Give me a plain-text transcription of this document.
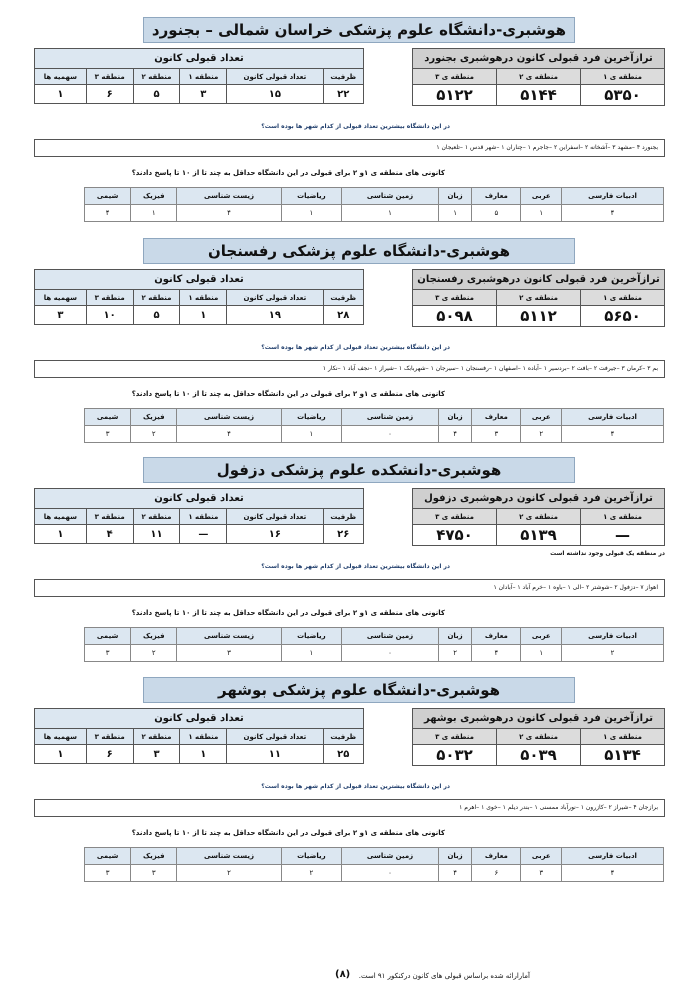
هوشبری-دانشگاه علوم پزشکی خراسان شمالی – بجنورد
تعداد قبولی کانون					
ظرفیت	تعداد قبولی کانون	منطقه ۱	منطقه ۲	منطقه ۳	سهمیه ها
۲۲	۱۵	۳	۵	۶	۱
ترازآخرین فرد قبولی کانون درهوشبری بجنورد		
منطقه ی ۱	منطقه ی ۲	منطقه ی ۳
۵۳۵۰	۵۱۴۴	۵۱۲۲
در این دانشگاه بیشترین تعداد قبولی از کدام شهر ها بوده است؟
بجنورد ۴ –مشهد ۳ –آشخانه ۲ –اسفراین ۲ –جاجرم ۱ –چناران ۱ –شهر قدس ۱ –تلعیجان ۱
کانونی های منطقه ی ۱و ۲ برای قبولی در این دانشگاه حداقل به چند تا از ۱۰ تا پاسخ دادند؟
ادبیات فارسی	عربی	معارف	زبان	زمین شناسی	ریاضیات	زیست شناسی	فیزیک	شیمی
۴	۱	۵	۱	۱	۱	۴	۱	۴
هوشبری-دانشگاه علوم پزشکی رفسنجان
تعداد قبولی کانون					
ظرفیت	تعداد قبولی کانون	منطقه ۱	منطقه ۲	منطقه ۳	سهمیه ها
۲۸	۱۹	۱	۵	۱۰	۳
ترازآخرین فرد قبولی کانون درهوشبری رفسنجان		
منطقه ی ۱	منطقه ی ۲	منطقه ی ۳
۵۶۵۰	۵۱۱۲	۵۰۹۸
در این دانشگاه بیشترین تعداد قبولی از کدام شهر ها بوده است؟
بم ۳ –کرمان ۳ –جیرفت ۲ –بافت ۲ –بردسیر ۱ –آباده ۱ –اصفهان ۱ –رفسنجان ۱ –سیرجان ۱ –شهربابک ۱ –شیراز ۱ –نجف آباد ۱ –نکار ۱
کانونی های منطقه ی ۱و ۲ برای قبولی در این دانشگاه حداقل به چند تا از ۱۰ تا پاسخ دادند؟
ادبیات فارسی	عربی	معارف	زبان	زمین شناسی	ریاضیات	زیست شناسی	فیزیک	شیمی
۴	۲	۳	۴	۰	۱	۴	۲	۳
هوشبری-دانشکده علوم پزشکی دزفول
تعداد قبولی کانون					
ظرفیت	تعداد قبولی کانون	منطقه ۱	منطقه ۲	منطقه ۳	سهمیه ها
۲۶	۱۶	—	۱۱	۴	۱
ترازآخرین فرد قبولی کانون درهوشبری دزفول		
منطقه ی ۱	منطقه ی ۲	منطقه ی ۳
—	۵۱۳۹	۴۷۵۰
در منطقه یک قبولی وجود نداشته است
در این دانشگاه بیشترین تعداد قبولی از کدام شهر ها بوده است؟
اهواز ۷ –دزفول ۲ –شوشتر ۲ –الی ۱ –باوه ۱ –خرم آباد ۱ –آبادان ۱
کانونی های منطقه ی ۱و ۲ برای قبولی در این دانشگاه حداقل به چند تا از ۱۰ تا پاسخ دادند؟
ادبیات فارسی	عربی	معارف	زبان	زمین شناسی	ریاضیات	زیست شناسی	فیزیک	شیمی
۲	۱	۴	۲	۰	۱	۳	۲	۳
هوشبری-دانشگاه علوم پزشکی بوشهر
تعداد قبولی کانون					
ظرفیت	تعداد قبولی کانون	منطقه ۱	منطقه ۲	منطقه ۳	سهمیه ها
۲۵	۱۱	۱	۳	۶	۱
ترازآخرین فرد قبولی کانون درهوشبری بوشهر		
منطقه ی ۱	منطقه ی ۲	منطقه ی ۳
۵۱۳۴	۵۰۳۹	۵۰۳۲
در این دانشگاه بیشترین تعداد قبولی از کدام شهر ها بوده است؟
برازجان ۴ –شیراز ۲ –کازرون ۱ –نورآباد ممسنی ۱ –بندر دیلم ۱ –خوی ۱ –اهرم ۱
کانونی های منطقه ی ۱و ۲ برای قبولی در این دانشگاه حداقل به چند تا از ۱۰ تا پاسخ دادند؟
ادبیات فارسی	عربی	معارف	زبان	زمین شناسی	ریاضیات	زیست شناسی	فیزیک	شیمی
۴	۳	۶	۴	۰	۲	۲	۳	۳
(۸) آمارارائه شده براساس قبولی های کانون درکنکور ۹۱ است.
